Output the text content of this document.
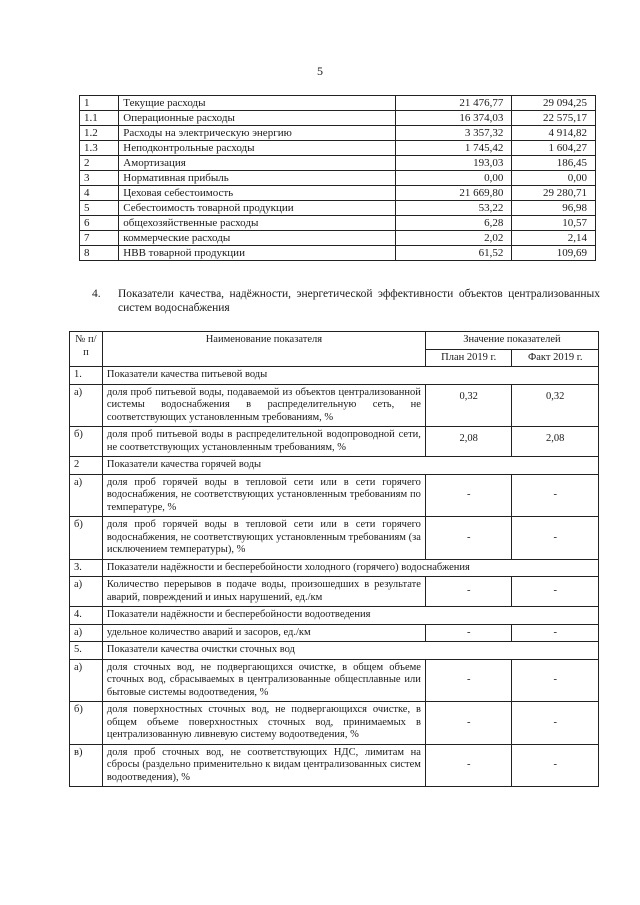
5
1	Текущие расходы	21 476,77	29 094,25
1.1	Операционные расходы	16 374,03	22 575,17
1.2	Расходы на электрическую энергию	3 357,32	4 914,82
1.3	Неподконтрольные расходы	1 745,42	1 604,27
2	Амортизация	193,03	186,45
3	Нормативная прибыль	0,00	0,00
4	Цеховая себестоимость	21 669,80	29 280,71
5	Себестоимость товарной продукции	53,22	96,98
6	общехозяйственные расходы	6,28	10,57
7	коммерческие расходы	2,02	2,14
8	НВВ товарной продукции	61,52	109,69
4. Показатели качества, надёжности, энергетической эффективности объектов централизованных систем водоснабжения
№ п/п	Наименование показателя	Значение показателей	
		План 2019 г.	Факт 2019 г.
1.	Показатели качества питьевой воды		
а)	доля проб питьевой воды, подаваемой из объектов централизованной системы водоснабжения в распределительную сеть, не соответствующих установленным требованиям, %	0,32	0,32
б)	доля проб питьевой воды в распределительной водопроводной сети, не соответствующих установленным требованиям, %	2,08	2,08
2	Показатели качества горячей воды		
а)	доля проб горячей воды в тепловой сети или в сети горячего водоснабжения, не соответствующих установленным требованиям по температуре, %	-	-
б)	доля проб горячей воды в тепловой сети или в сети горячего водоснабжения, не соответствующих установленным требованиям (за исключением температуры), %	-	-
3.	Показатели надёжности и бесперебойности холодного (горячего) водоснабжения		
а)	Количество перерывов в подаче воды, произошедших в результате аварий, повреждений и иных нарушений, ед./км	-	-
4.	Показатели надёжности и бесперебойности водоотведения		
а)	удельное количество аварий и засоров, ед./км	-	-
5.	Показатели качества очистки сточных вод		
а)	доля сточных вод, не подвергающихся очистке, в общем объеме сточных вод, сбрасываемых в централизованные общесплавные или бытовые системы водоотведения, %	-	-
б)	доля поверхностных сточных вод, не подвергающихся очистке, в общем объеме поверхностных сточных вод, принимаемых в централизованную ливневую систему водоотведения, %	-	-
в)	доля проб сточных вод, не соответствующих НДС, лимитам на сбросы (раздельно применительно к видам централизованных систем водоотведения), %	-	-
